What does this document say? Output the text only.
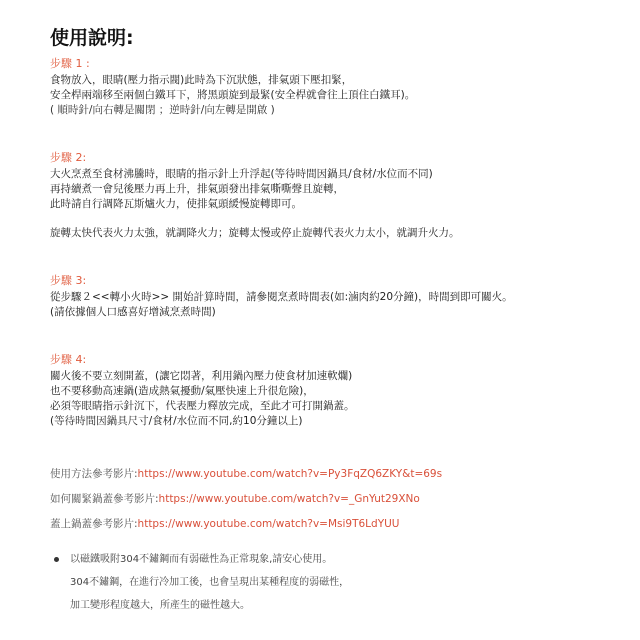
使用說明:
步驟 1 :
食物放入，眼睛(壓力指示閥)此時為下沉狀態，排氣頭下壓扣緊，
安全桿兩端移至兩個白鐵耳下，將黑頭旋到最緊(安全桿就會往上頂住白鐵耳)。
( 順時針/向右轉是關閉 ；逆時針/向左轉是開啟 )
步驟 2:
大火烹煮至食材沸騰時，眼睛的指示針上升浮起(等待時間因鍋具/食材/水位而不同)
再持續煮一會兒後壓力再上升，排氣頭發出排氣嘶嘶聲且旋轉，
此時請自行調降瓦斯爐火力，使排氣頭緩慢旋轉即可。
旋轉太快代表火力太強，就調降火力；旋轉太慢或停止旋轉代表火力太小，就調升火力。
步驟 3:
從步驟２<<轉小火時>> 開始計算時間，請參閱烹煮時間表(如:滷肉約20分鐘)，時間到即可關火。
(請依據個人口感喜好增減烹煮時間)
步驟 4:
關火後不要立刻開蓋，(讓它悶著，利用鍋內壓力使食材加速軟爛)
也不要移動高速鍋(造成熱氣擾動/氣壓快速上升很危險)，
必須等眼睛指示針沉下，代表壓力釋放完成，至此才可打開鍋蓋。
(等待時間因鍋具尺寸/食材/水位而不同,約10分鐘以上)
使用方法參考影片:https://www.youtube.com/watch?v=Py3FqZQ6ZKY&t=69s
如何關緊鍋蓋參考影片:https://www.youtube.com/watch?v=_GnYut29XNo
蓋上鍋蓋參考影片:https://www.youtube.com/watch?v=Msi9T6LdYUU
以磁鐵吸附304不鏽鋼而有弱磁性為正常現象,請安心使用。
304不鏽鋼，在進行冷加工後，也會呈現出某種程度的弱磁性，
加工變形程度越大，所產生的磁性越大。
